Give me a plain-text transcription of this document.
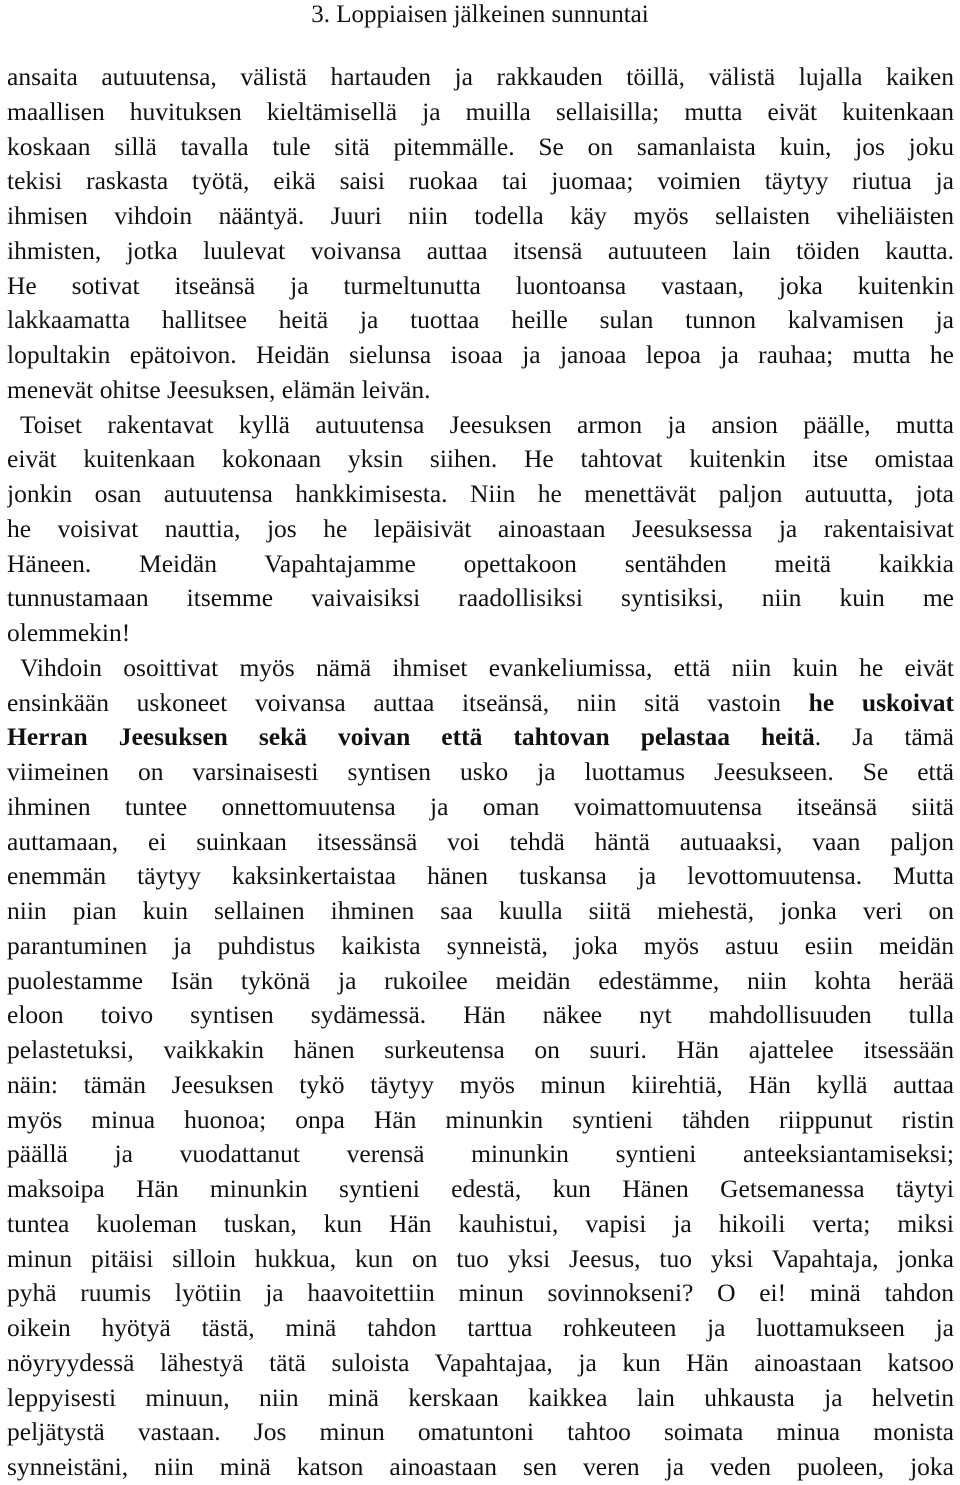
3. Loppiaisen jälkeinen sunnuntai
ansaita autuutensa, välistä hartauden ja rakkauden töillä, välistä lujalla kaiken
maallisen huvituksen kieltämisellä ja muilla sellaisilla; mutta eivät kuitenkaan
koskaan sillä tavalla tule sitä pitemmälle. Se on samanlaista kuin, jos joku
tekisi raskasta työtä, eikä saisi ruokaa tai juomaa; voimien täytyy riutua ja
ihmisen vihdoin nääntyä. Juuri niin todella käy myös sellaisten viheliäisten
ihmisten, jotka luulevat voivansa auttaa itsensä autuuteen lain töiden kautta.
He sotivat itseänsä ja turmeltunutta luontoansa vastaan, joka kuitenkin
lakkaamatta hallitsee heitä ja tuottaa heille sulan tunnon kalvamisen ja
lopultakin epätoivon. Heidän sielunsa isoaa ja janoaa lepoa ja rauhaa; mutta he
menevät ohitse Jeesuksen, elämän leivän.
Toiset rakentavat kyllä autuutensa Jeesuksen armon ja ansion päälle, mutta
eivät kuitenkaan kokonaan yksin siihen. He tahtovat kuitenkin itse omistaa
jonkin osan autuutensa hankkimisesta. Niin he menettävät paljon autuutta, jota
he voisivat nauttia, jos he lepäisivät ainoastaan Jeesuksessa ja rakentaisivat
Häneen. Meidän Vapahtajamme opettakoon sentähden meitä kaikkia
tunnustamaan itsemme vaivaisiksi raadollisiksi syntisiksi, niin kuin me
olemmekin!
Vihdoin osoittivat myös nämä ihmiset evankeliumissa, että niin kuin he eivät
ensinkään uskoneet voivansa auttaa itseänsä, niin sitä vastoin he uskoivat
Herran Jeesuksen sekä voivan että tahtovan pelastaa heitä. Ja tämä
viimeinen on varsinaisesti syntisen usko ja luottamus Jeesukseen. Se että
ihminen tuntee onnettomuutensa ja oman voimattomuutensa itseänsä siitä
auttamaan, ei suinkaan itsessänsä voi tehdä häntä autuaaksi, vaan paljon
enemmän täytyy kaksinkertaistaa hänen tuskansa ja levottomuutensa. Mutta
niin pian kuin sellainen ihminen saa kuulla siitä miehestä, jonka veri on
parantuminen ja puhdistus kaikista synneistä, joka myös astuu esiin meidän
puolestamme Isän tykönä ja rukoilee meidän edestämme, niin kohta herää
eloon toivo syntisen sydämessä. Hän näkee nyt mahdollisuuden tulla
pelastetuksi, vaikkakin hänen surkeutensa on suuri. Hän ajattelee itsessään
näin: tämän Jeesuksen tykö täytyy myös minun kiirehtiä, Hän kyllä auttaa
myös minua huonoa; onpa Hän minunkin syntieni tähden riippunut ristin
päällä ja vuodattanut verensä minunkin syntieni anteeksiantamiseksi;
maksoipa Hän minunkin syntieni edestä, kun Hänen Getsemanessa täytyi
tuntea kuoleman tuskan, kun Hän kauhistui, vapisi ja hikoili verta; miksi
minun pitäisi silloin hukkua, kun on tuo yksi Jeesus, tuo yksi Vapahtaja, jonka
pyhä ruumis lyötiin ja haavoitettiin minun sovinnokseni? O ei! minä tahdon
oikein hyötyä tästä, minä tahdon tarttua rohkeuteen ja luottamukseen ja
nöyryydessä lähestyä tätä suloista Vapahtajaa, ja kun Hän ainoastaan katsoo
leppyisesti minuun, niin minä kerskaan kaikkea lain uhkausta ja helvetin
peljätystä vastaan. Jos minun omatuntoni tahtoo soimata minua monista
synneistäni, niin minä katson ainoastaan sen veren ja veden puoleen, joka
